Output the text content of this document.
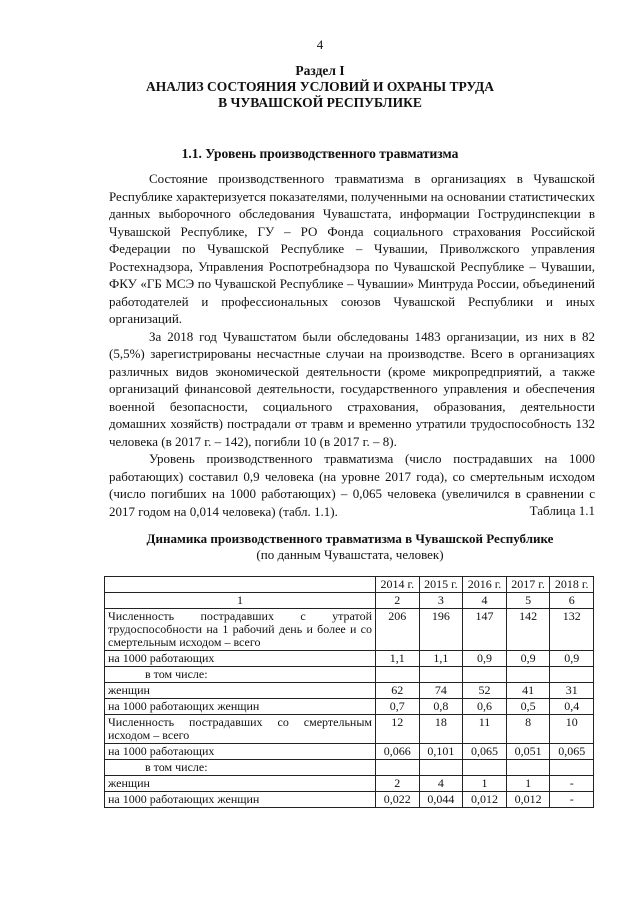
4
Раздел I
АНАЛИЗ СОСТОЯНИЯ УСЛОВИЙ И ОХРАНЫ ТРУДА
В ЧУВАШСКОЙ РЕСПУБЛИКЕ
1.1. Уровень производственного травматизма

Состояние производственного травматизма в организациях в Чувашской Республике характеризуется показателями, полученными на основании статистических данных выборочного обследования Чувашстата, информации Гострудинспекции в Чувашской Республике, ГУ – РО Фонда социального страхования Российской Федерации по Чувашской Республике – Чувашии, Приволжского управления Ростехнадзора, Управления Роспотребнадзора по Чувашской Республике – Чувашии, ФКУ «ГБ МСЭ по Чувашской Республике – Чувашии» Минтруда России, объединений работодателей и профессиональных союзов Чувашской Республики и иных организаций.

За 2018 год Чувашстатом были обследованы 1483 организации, из них в 82 (5,5%) зарегистрированы несчастные случаи на производстве. Всего в организациях различных видов экономической деятельности (кроме микропредприятий, а также организаций финансовой деятельности, государственного управления и обеспечения военной безопасности, социального страхования, образования, деятельности домашних хозяйств) пострадали от травм и временно утратили трудоспособность 132 человека (в 2017 г. – 142), погибли 10 (в 2017 г. – 8).

Уровень производственного травматизма (число пострадавших на 1000 работающих) составил 0,9 человека (на уровне 2017 года), со смертельным исходом (число погибших на 1000 работающих) – 0,065 человека (увеличился в сравнении с 2017 годом на 0,014 человека) (табл. 1.1).	Таблица 1.1
Динамика производственного травматизма в Чувашской Республике
(по данным Чувашстата, человек)
	2014 г.	2015 г.	2016 г.	2017 г.	2018 г.
1	2	3	4	5	6
Численность пострадавших с утратой трудоспособности на 1 рабочий день и более и со смертельным исходом – всего	206	196	147	142	132
на 1000 работающих	1,1	1,1	0,9	0,9	0,9
в том числе:					
женщин	62	74	52	41	31
на 1000 работающих женщин	0,7	0,8	0,6	0,5	0,4
Численность пострадавших со смертельным исходом – всего	12	18	11	8	10
на 1000 работающих	0,066	0,101	0,065	0,051	0,065
в том числе:					
женщин	2	4	1	1	-
на 1000 работающих женщин	0,022	0,044	0,012	0,012	-
